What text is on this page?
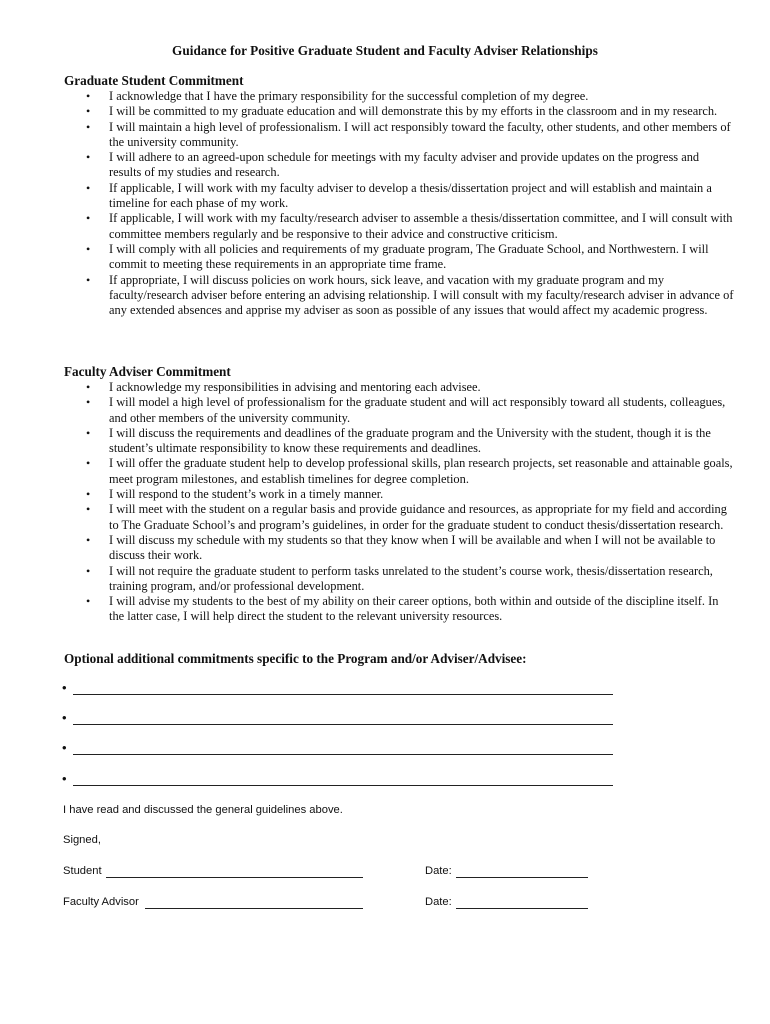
Guidance for Positive Graduate Student and Faculty Adviser Relationships
Graduate Student Commitment
• I acknowledge that I have the primary responsibility for the successful completion of my degree.
• I will be committed to my graduate education and will demonstrate this by my efforts in the classroom and in my research.
• I will maintain a high level of professionalism. I will act responsibly toward the faculty, other students, and other members of the university community.
• I will adhere to an agreed-upon schedule for meetings with my faculty adviser and provide updates on the progress and results of my studies and research.
• If applicable, I will work with my faculty adviser to develop a thesis/dissertation project and will establish and maintain a timeline for each phase of my work.
• If applicable, I will work with my faculty/research adviser to assemble a thesis/dissertation committee, and I will consult with committee members regularly and be responsive to their advice and constructive criticism.
• I will comply with all policies and requirements of my graduate program, The Graduate School, and Northwestern. I will commit to meeting these requirements in an appropriate time frame.
• If appropriate, I will discuss policies on work hours, sick leave, and vacation with my graduate program and my faculty/research adviser before entering an advising relationship. I will consult with my faculty/research adviser in advance of any extended absences and apprise my adviser as soon as possible of any issues that would affect my academic progress.
Faculty Adviser Commitment
• I acknowledge my responsibilities in advising and mentoring each advisee.
• I will model a high level of professionalism for the graduate student and will act responsibly toward all students, colleagues, and other members of the university community.
• I will discuss the requirements and deadlines of the graduate program and the University with the student, though it is the student’s ultimate responsibility to know these requirements and deadlines.
• I will offer the graduate student help to develop professional skills, plan research projects, set reasonable and attainable goals, meet program milestones, and establish timelines for degree completion.
• I will respond to the student’s work in a timely manner.
• I will meet with the student on a regular basis and provide guidance and resources, as appropriate for my field and according to The Graduate School’s and program’s guidelines, in order for the graduate student to conduct thesis/dissertation research.
• I will discuss my schedule with my students so that they know when I will be available and when I will not be available to discuss their work.
• I will not require the graduate student to perform tasks unrelated to the student’s course work, thesis/dissertation research, training program, and/or professional development.
• I will advise my students to the best of my ability on their career options, both within and outside of the discipline itself. In the latter case, I will help direct the student to the relevant university resources.
Optional additional commitments specific to the Program and/or Adviser/Advisee:
•
•
•
•
I have read and discussed the general guidelines above.
Signed,
Student	Date:
Faculty Advisor	Date:
